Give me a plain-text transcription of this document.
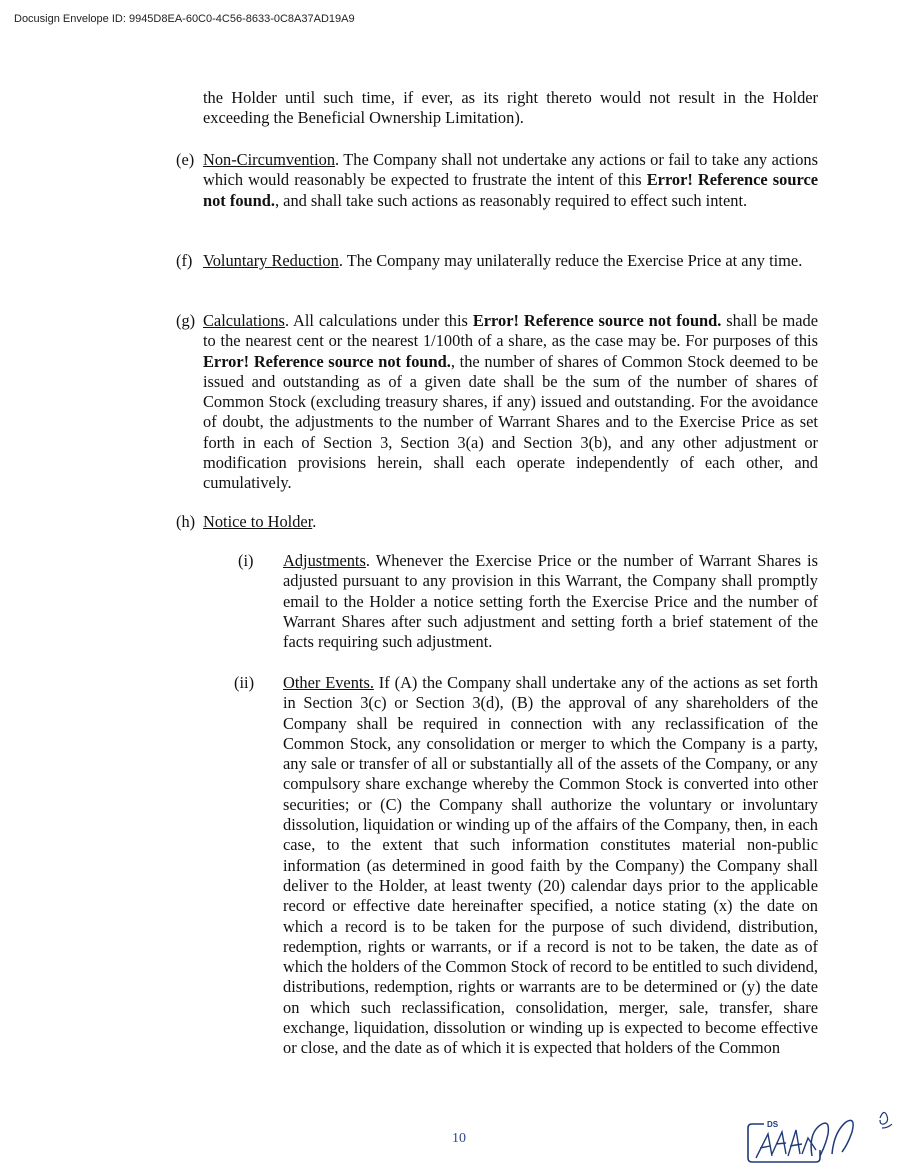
Docusign Envelope ID: 9945D8EA-60C0-4C56-8633-0C8A37AD19A9

the Holder until such time, if ever, as its right thereto would not result in the Holder exceeding the Beneficial Ownership Limitation).

(e) Non-Circumvention. The Company shall not undertake any actions or fail to take any actions which would reasonably be expected to frustrate the intent of this Error! Reference source not found., and shall take such actions as reasonably required to effect such intent.

(f) Voluntary Reduction. The Company may unilaterally reduce the Exercise Price at any time.

(g) Calculations. All calculations under this Error! Reference source not found. shall be made to the nearest cent or the nearest 1/100th of a share, as the case may be. For purposes of this Error! Reference source not found., the number of shares of Common Stock deemed to be issued and outstanding as of a given date shall be the sum of the number of shares of Common Stock (excluding treasury shares, if any) issued and outstanding. For the avoidance of doubt, the adjustments to the number of Warrant Shares and to the Exercise Price as set forth in each of Section 3, Section 3(a) and Section 3(b), and any other adjustment or modification provisions herein, shall each operate independently of each other, and cumulatively.

(h) Notice to Holder.

(i) Adjustments. Whenever the Exercise Price or the number of Warrant Shares is adjusted pursuant to any provision in this Warrant, the Company shall promptly email to the Holder a notice setting forth the Exercise Price and the number of Warrant Shares after such adjustment and setting forth a brief statement of the facts requiring such adjustment.

(ii) Other Events. If (A) the Company shall undertake any of the actions as set forth in Section 3(c) or Section 3(d), (B) the approval of any shareholders of the Company shall be required in connection with any reclassification of the Common Stock, any consolidation or merger to which the Company is a party, any sale or transfer of all or substantially all of the assets of the Company, or any compulsory share exchange whereby the Common Stock is converted into other securities; or (C) the Company shall authorize the voluntary or involuntary dissolution, liquidation or winding up of the affairs of the Company, then, in each case, to the extent that such information constitutes material non-public information (as determined in good faith by the Company) the Company shall deliver to the Holder, at least twenty (20) calendar days prior to the applicable record or effective date hereinafter specified, a notice stating (x) the date on which a record is to be taken for the purpose of such dividend, distribution, redemption, rights or warrants, or if a record is not to be taken, the date as of which the holders of the Common Stock of record to be entitled to such dividend, distributions, redemption, rights or warrants are to be determined or (y) the date on which such reclassification, consolidation, merger, sale, transfer, share exchange, liquidation, dissolution or winding up is expected to become effective or close, and the date as of which it is expected that holders of the Common

10
DS
